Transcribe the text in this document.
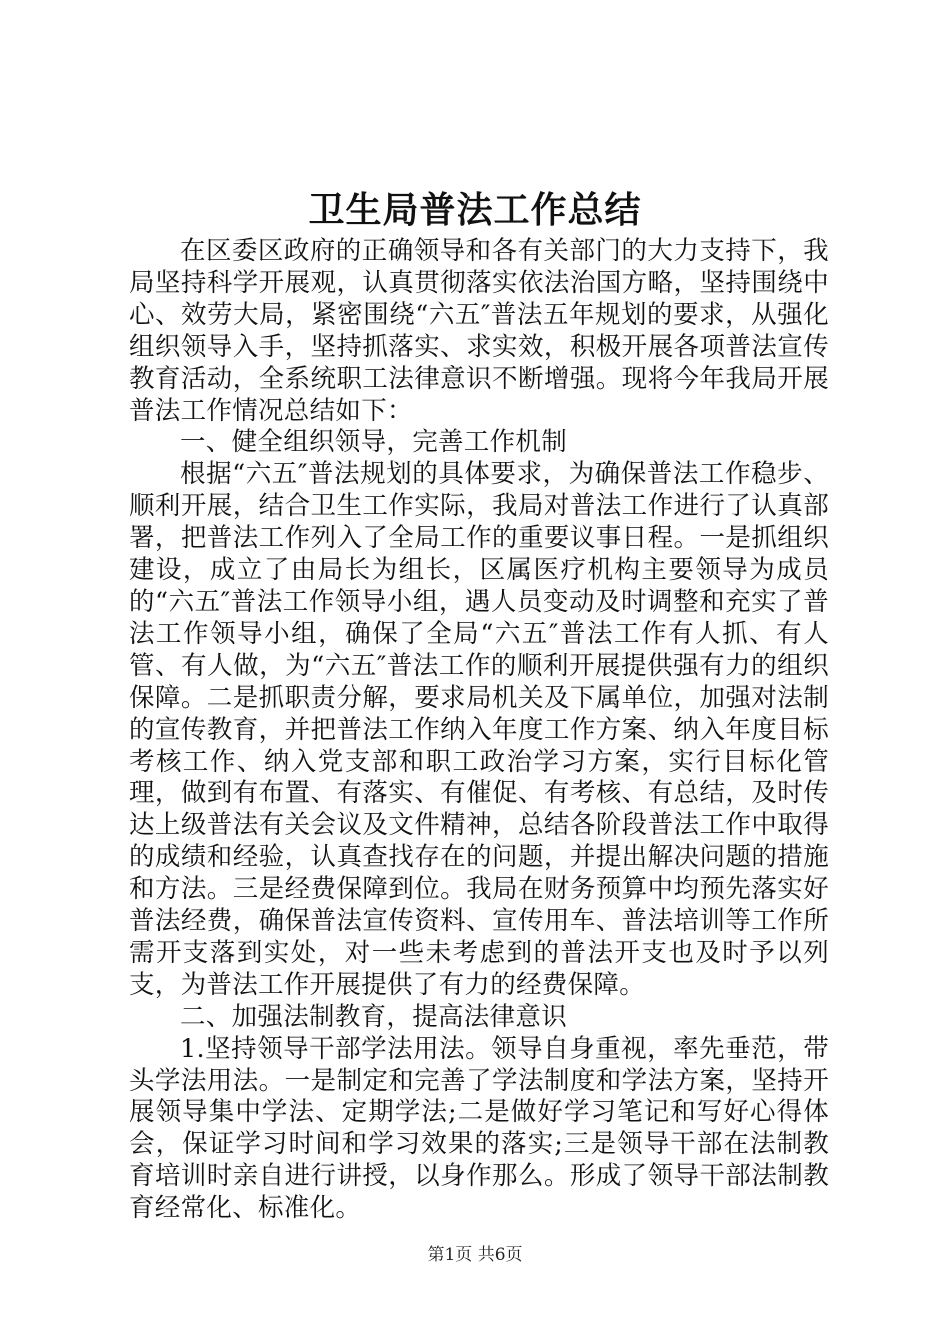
卫生局普法工作总结

在区委区政府的正确领导和各有关部门的大力支持下，我局坚持科学开展观，认真贯彻落实依法治国方略，坚持围绕中心、效劳大局，紧密围绕“六五″普法五年规划的要求，从强化组织领导入手，坚持抓落实、求实效，积极开展各项普法宣传教育活动，全系统职工法律意识不断增强。现将今年我局开展普法工作情况总结如下：

一、健全组织领导，完善工作机制

根据“六五″普法规划的具体要求，为确保普法工作稳步、顺利开展，结合卫生工作实际，我局对普法工作进行了认真部署，把普法工作列入了全局工作的重要议事日程。一是抓组织建设，成立了由局长为组长，区属医疗机构主要领导为成员的“六五″普法工作领导小组，遇人员变动及时调整和充实了普法工作领导小组，确保了全局“六五″普法工作有人抓、有人管、有人做，为“六五″普法工作的顺利开展提供强有力的组织保障。二是抓职责分解，要求局机关及下属单位，加强对法制的宣传教育，并把普法工作纳入年度工作方案、纳入年度目标考核工作、纳入党支部和职工政治学习方案，实行目标化管理，做到有布置、有落实、有催促、有考核、有总结，及时传达上级普法有关会议及文件精神，总结各阶段普法工作中取得的成绩和经验，认真查找存在的问题，并提出解决问题的措施和方法。三是经费保障到位。我局在财务预算中均预先落实好普法经费，确保普法宣传资料、宣传用车、普法培训等工作所需开支落到实处，对一些未考虑到的普法开支也及时予以列支，为普法工作开展提供了有力的经费保障。

二、加强法制教育，提高法律意识

1.坚持领导干部学法用法。领导自身重视，率先垂范，带头学法用法。一是制定和完善了学法制度和学法方案，坚持开展领导集中学法、定期学法;二是做好学习笔记和写好心得体会，保证学习时间和学习效果的落实;三是领导干部在法制教育培训时亲自进行讲授，以身作那么。形成了领导干部法制教育经常化、标准化。

第1页 共6页
